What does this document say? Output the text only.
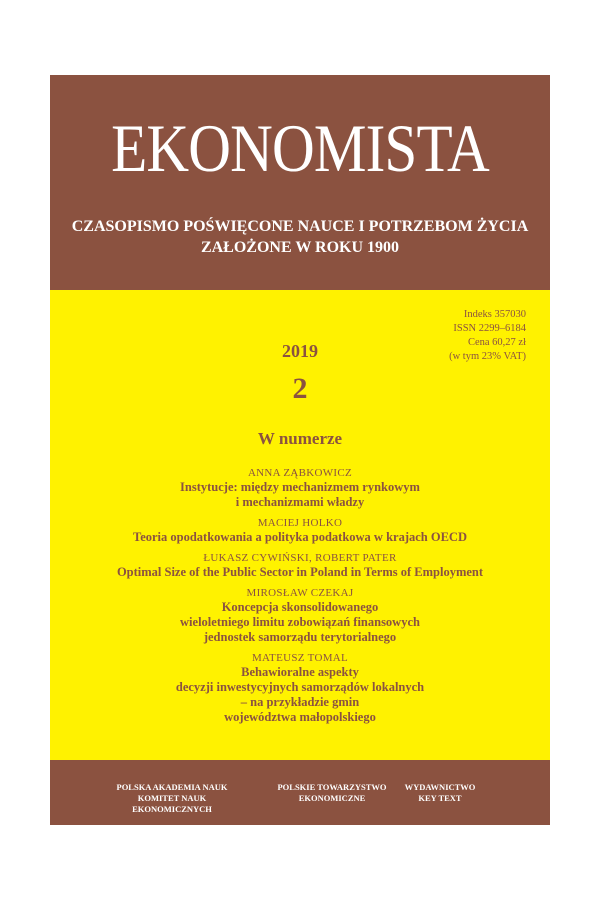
EKONOMISTA
CZASOPISMO POŚWIĘCONE NAUCE I POTRZEBOM ŻYCIA
ZAŁOŻONE W ROKU 1900
Indeks 357030
ISSN 2299–6184
Cena 60,27 zł
(w tym 23% VAT)
2019
2
W numerze
ANNA ZĄBKOWICZ
Instytucje: między mechanizmem rynkowym
i mechanizmami władzy
MACIEJ HOLKO
Teoria opodatkowania a polityka podatkowa w krajach OECD
ŁUKASZ CYWIŃSKI, ROBERT PATER
Optimal Size of the Public Sector in Poland in Terms of Employment
MIROSŁAW CZEKAJ
Koncepcja skonsolidowanego
wieloletniego limitu zobowiązań finansowych
jednostek samorządu terytorialnego
MATEUSZ TOMAL
Behawioralne aspekty
decyzji inwestycyjnych samorządów lokalnych
– na przykładzie gmin
województwa małopolskiego
POLSKA AKADEMIA NAUK
KOMITET NAUK EKONOMICZNYCH
POLSKIE TOWARZYSTWO
EKONOMICZNE
WYDAWNICTWO
KEY TEXT
